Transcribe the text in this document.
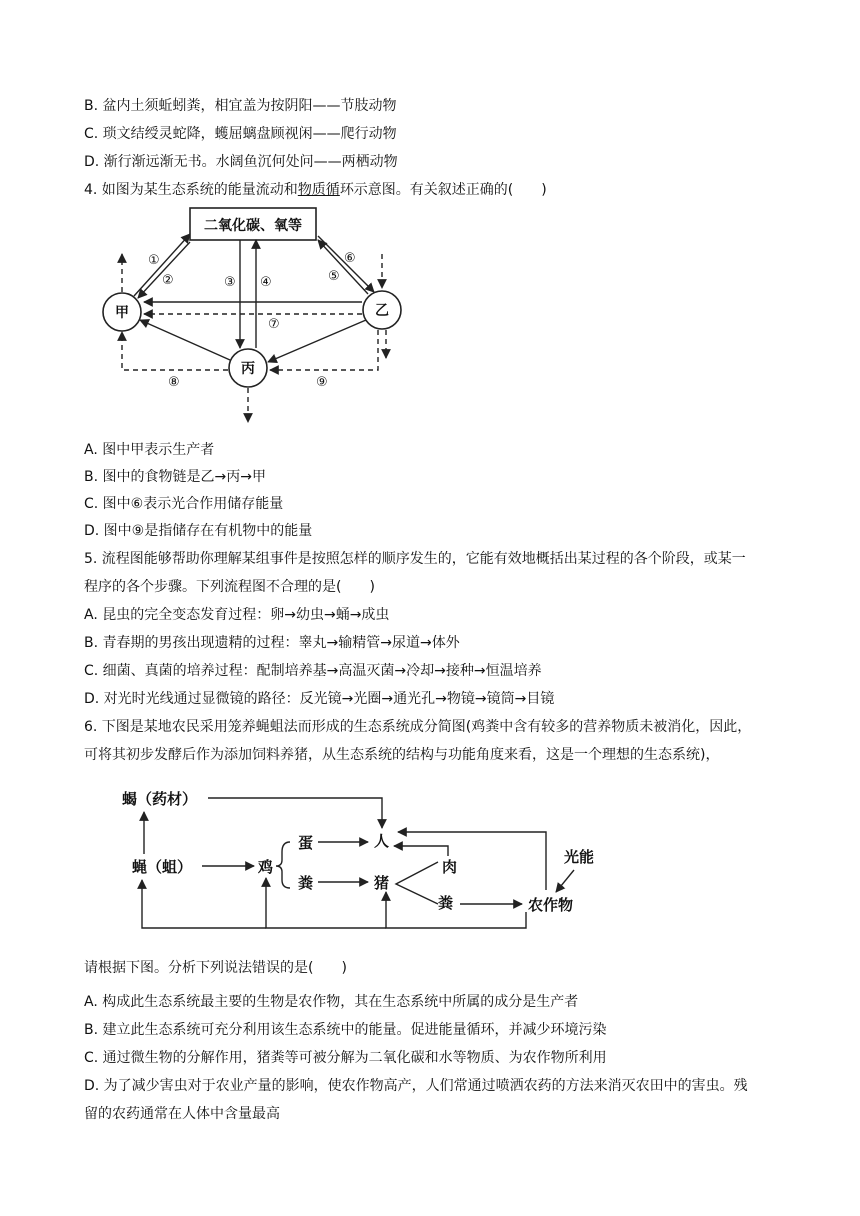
B. 盆内土须蚯蚓粪，相宜盖为按阴阳——节肢动物
C. 琐文结绶灵蛇降，蠖屈螭盘顾视闲——爬行动物
D. 渐行渐远渐无书。水阔鱼沉何处问——两栖动物
4. 如图为某生态系统的能量流动和物质循环示意图。有关叙述正确的(　　)
二氧化碳、氧等
甲	乙
丙
①
②	③ ④	⑤
⑥
⑦
⑧	⑨
A. 图中甲表示生产者
B. 图中的食物链是乙→丙→甲
C. 图中⑥表示光合作用储存能量
D. 图中⑨是指储存在有机物中的能量
5. 流程图能够帮助你理解某组事件是按照怎样的顺序发生的，它能有效地概括出某过程的各个阶段，或某一
程序的各个步骤。下列流程图不合理的是(　　)
A. 昆虫的完全变态发育过程：卵→幼虫→蛹→成虫
B. 青春期的男孩出现遗精的过程：睾丸→输精管→尿道→体外
C. 细菌、真菌的培养过程：配制培养基→高温灭菌→冷却→接种→恒温培养
D. 对光时光线通过显微镜的路径：反光镜→光圈→通光孔→物镜→镜筒→目镜
6. 下图是某地农民采用笼养蝇蛆法而形成的生态系统成分简图(鸡粪中含有较多的营养物质未被消化，因此，
可将其初步发酵后作为添加饲料养猪，从生态系统的结构与功能角度来看，这是一个理想的生态系统)，
蝎（药材）
蝇（蛆）	鸡
蛋
粪
人
猪
肉
粪	农作物
光能
请根据下图。分析下列说法错误的是(　　)
A. 构成此生态系统最主要的生物是农作物，其在生态系统中所属的成分是生产者
B. 建立此生态系统可充分利用该生态系统中的能量。促进能量循环，并减少环境污染
C. 通过微生物的分解作用，猪粪等可被分解为二氧化碳和水等物质、为农作物所利用
D. 为了减少害虫对于农业产量的影响，使农作物高产，人们常通过喷洒农药的方法来消灭农田中的害虫。残
留的农药通常在人体中含量最高
